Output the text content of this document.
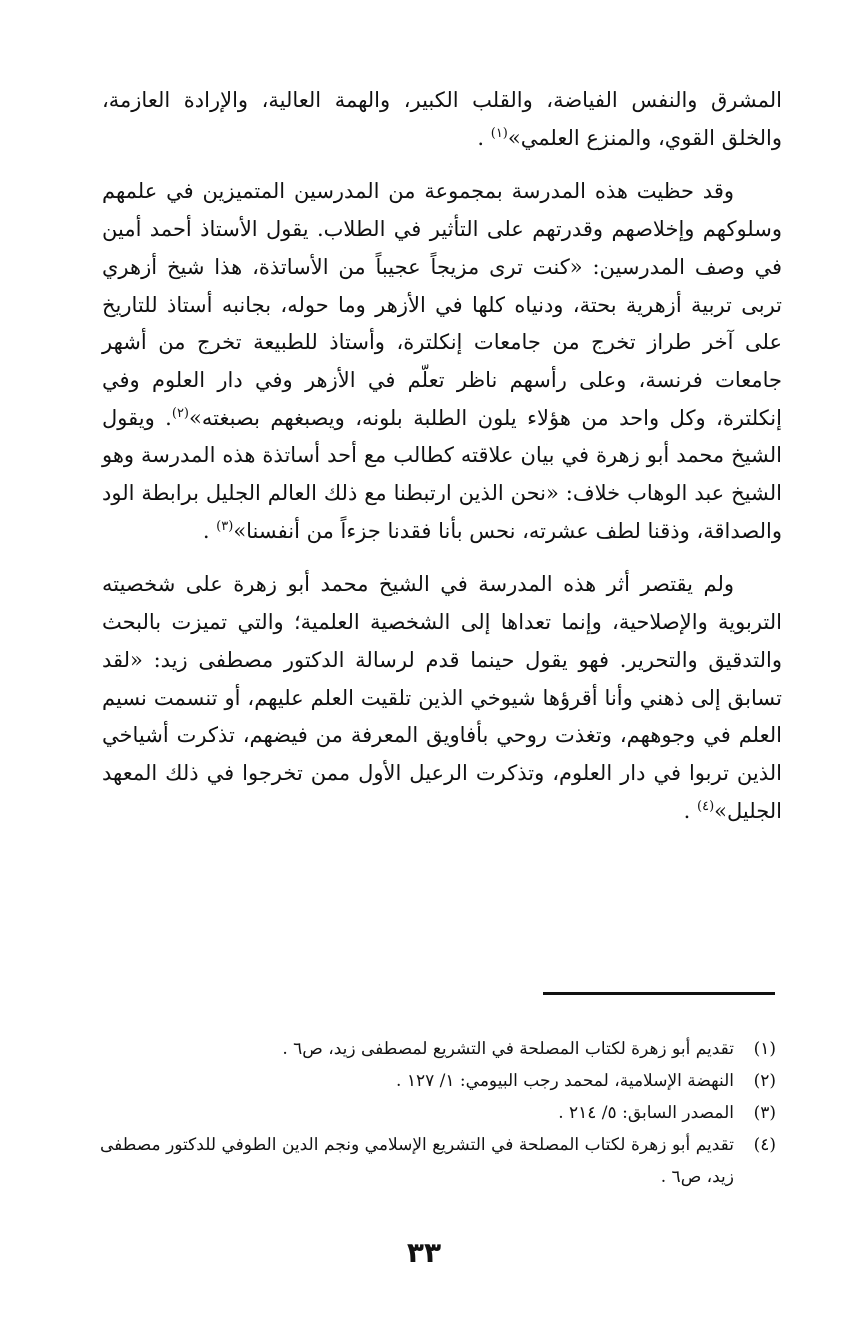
المشرق والنفس الفياضة، والقلب الكبير، والهمة العالية، والإرادة العازمة، والخلق القوي، والمنزع العلمي»$^{(١)}$ .

وقد حظيت هذه المدرسة بمجموعة من المدرسين المتميزين في علمهم وسلوكهم وإخلاصهم وقدرتهم على التأثير في الطلاب. يقول الأستاذ أحمد أمين في وصف المدرسين: «كنت ترى مزيجاً عجيباً من الأساتذة، هذا شيخ أزهري تربى تربية أزهرية بحتة، ودنياه كلها في الأزهر وما حوله، بجانبه أستاذ للتاريخ على آخر طراز تخرج من جامعات إنكلترة، وأستاذ للطبيعة تخرج من أشهر جامعات فرنسة، وعلى رأسهم ناظر تعلّم في الأزهر وفي دار العلوم وفي إنكلترة، وكل واحد من هؤلاء يلون الطلبة بلونه، ويصبغهم بصبغته»$^{(٢)}$. ويقول الشيخ محمد أبو زهرة في بيان علاقته كطالب مع أحد أساتذة هذه المدرسة وهو الشيخ عبد الوهاب خلاف: «نحن الذين ارتبطنا مع ذلك العالم الجليل برابطة الود والصداقة، وذقنا لطف عشرته، نحس بأنا فقدنا جزءاً من أنفسنا»$^{(٣)}$ .

ولم يقتصر أثر هذه المدرسة في الشيخ محمد أبو زهرة على شخصيته التربوية والإصلاحية، وإنما تعداها إلى الشخصية العلمية؛ والتي تميزت بالبحث والتدقيق والتحرير. فهو يقول حينما قدم لرسالة الدكتور مصطفى زيد: «لقد تسابق إلى ذهني وأنا أقرؤها شيوخي الذين تلقيت العلم عليهم، أو تنسمت نسيم العلم في وجوههم، وتغذت روحي بأفاويق المعرفة من فيضهم، تذكرت أشياخي الذين تربوا في دار العلوم، وتذكرت الرعيل الأول ممن تخرجوا في ذلك المعهد الجليل»$^{(٤)}$ .

(١)
تقديم أبو زهرة لكتاب المصلحة في التشريع لمصطفى زيد، ص٦ .
(٢)
النهضة الإسلامية، لمحمد رجب البيومي: ١/ ١٢٧ .
(٣)
المصدر السابق: ٥/ ٢١٤ .
(٤)
تقديم أبو زهرة لكتاب المصلحة في التشريع الإسلامي ونجم الدين الطوفي للدكتور مصطفى زيد، ص٦ .
٣٣
